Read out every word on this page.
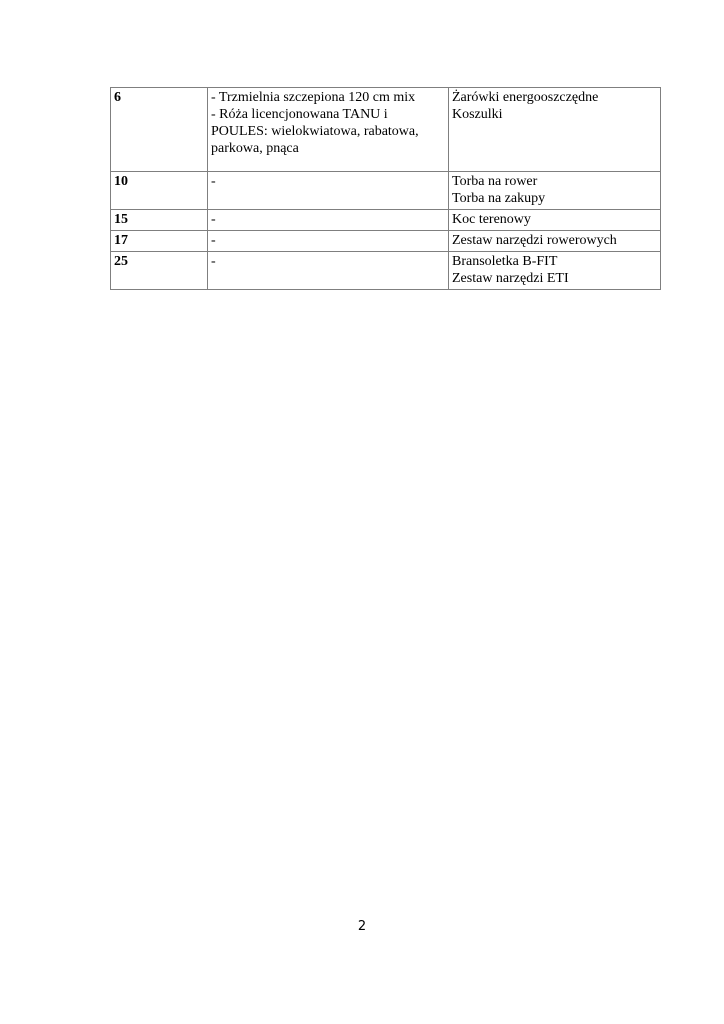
6	- Trzmielnia szczepiona 120 cm mix
- Róża licencjonowana TANU i
POULES: wielokwiatowa, rabatowa,
parkowa, pnąca	Żarówki energooszczędne
Koszulki

10	-	Torba na rower
Torba na zakupy

15	-	Koc terenowy

17	-	Zestaw narzędzi rowerowych

25	-	Bransoletka B-FIT
Zestaw narzędzi ETI
2
